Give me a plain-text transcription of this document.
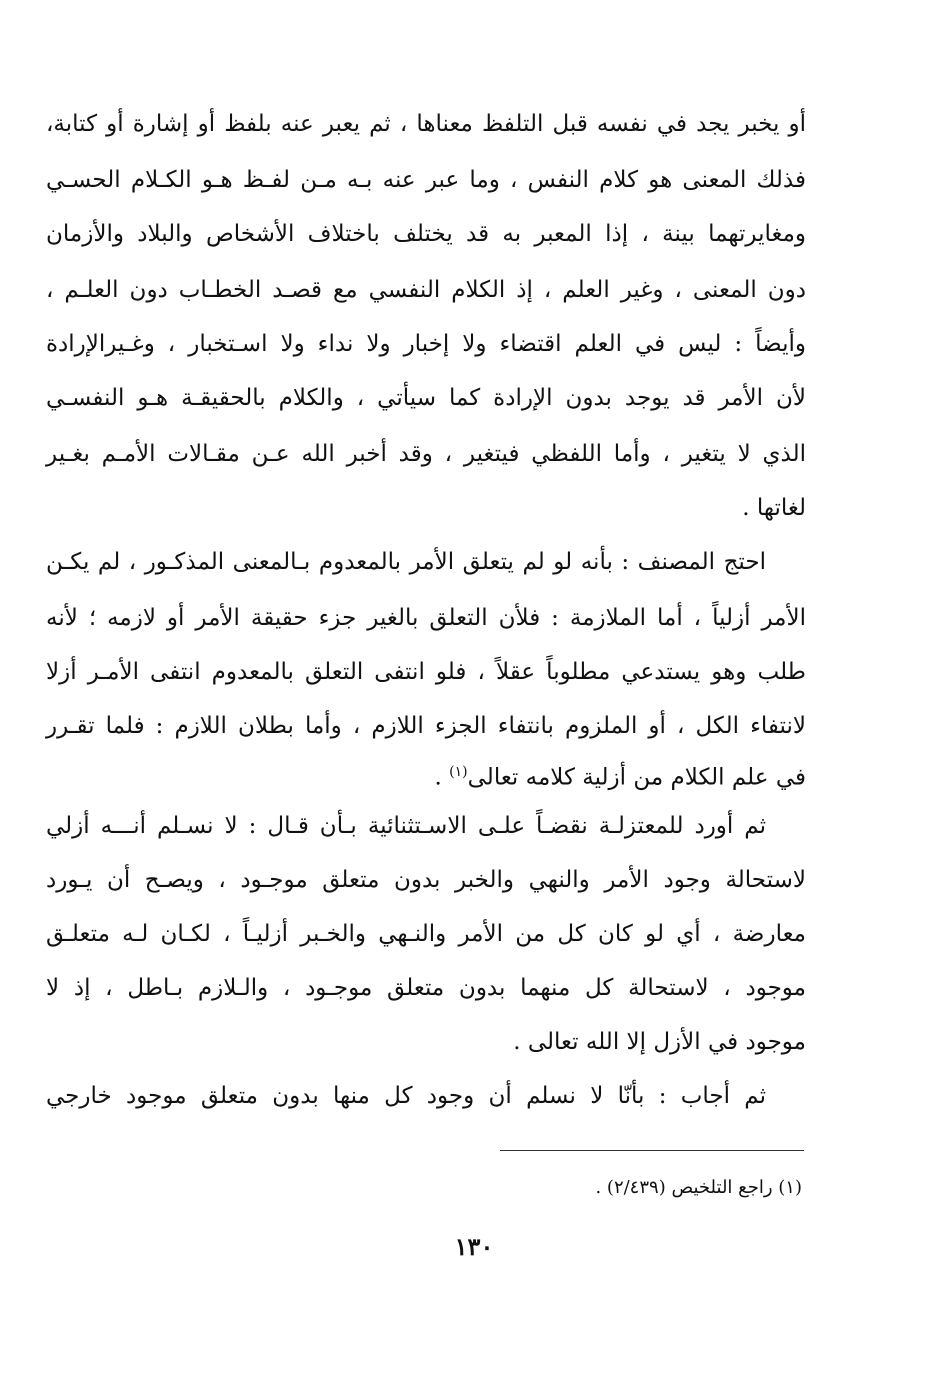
أو يخبر يجد في نفسه قبل التلفظ معناها ، ثم يعبر عنه بلفظ أو إشارة أو كتابة،
فذلك المعنى هو كلام النفس ، وما عبر عنه بـه مـن لفـظ هـو الكـلام الحسـي
ومغايرتهما بينة ، إذا المعبر به قد يختلف باختلاف الأشخاص والبلاد والأزمان
دون المعنى ، وغير العلم ، إذ الكلام النفسي مع قصـد الخطـاب دون العلـم ،
وأيضاً : ليس في العلم اقتضاء ولا إخبار ولا نداء ولا اسـتخبار ، وغـيرالإرادة
لأن الأمر قد يوجد بدون الإرادة كما سيأتي ، والكلام بالحقيقـة هـو النفسـي
الذي لا يتغير ، وأما اللفظي فيتغير ، وقد أخبر الله عـن مقـالات الأمـم بغـير
لغاتها .
احتج المصنف : بأنه لو لم يتعلق الأمر بالمعدوم بـالمعنى المذكـور ، لم يكـن
الأمر أزلياً ، أما الملازمة : فلأن التعلق بالغير جزء حقيقة الأمر أو لازمه ؛ لأنه
طلب وهو يستدعي مطلوباً عقلاً ، فلو انتفى التعلق بالمعدوم انتفى الأمـر أزلا
لانتفاء الكل ، أو الملزوم بانتفاء الجزء اللازم ، وأما بطلان اللازم : فلما تقـرر
في علم الكلام من أزلية كلامه تعالى$^{(١)}$ .
ثم أورد للمعتزلـة نقضـاً علـى الاسـتثنائية بـأن قـال : لا نسـلم أنـــه أزلي
لاستحالة وجود الأمر والنهي والخبر بدون متعلق موجـود ، ويصـح أن يـورد
معارضة ، أي لو كان كل من الأمر والنـهي والخـبر أزليـاً ، لكـان لـه متعلـق
موجود ، لاستحالة كل منهما بدون متعلق موجـود ، والـلازم بـاطل ، إذ لا
موجود في الأزل إلا الله تعالى .
ثم أجاب : بأنّا لا نسلم أن وجود كل منها بدون متعلق موجود خارجي
(١) راجع التلخيص (٢/٤٣٩) .
١٣٠
